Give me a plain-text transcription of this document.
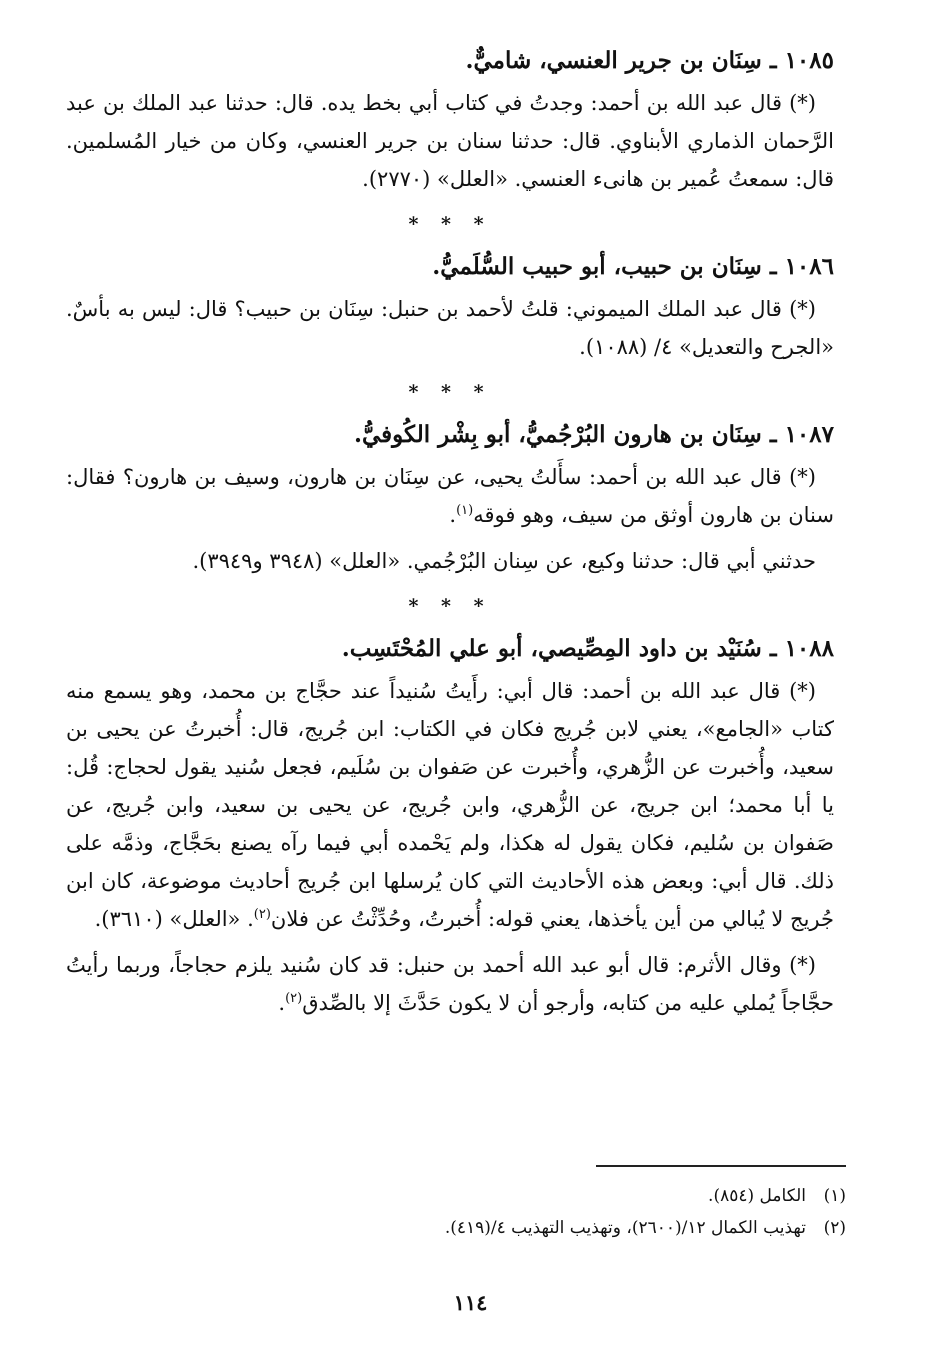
١٠٨٥ ـ سِنَان بن جرير العنسي، شاميٌّ.

(*) قال عبد الله بن أحمد: وجدتُ في كتاب أبي بخط يده. قال: حدثنا عبد الملك بن عبد الرَّحمان الذماري الأبناوي. قال: حدثنا سنان بن جرير العنسي، وكان من خيار المُسلمين. قال: سمعتُ عُمير بن هانىء العنسي. «العلل» (٢٧٧٠).

* * *
١٠٨٦ ـ سِنَان بن حبيب، أبو حبيب السُّلَميُّ.

(*) قال عبد الملك الميموني: قلتُ لأحمد بن حنبل: سِنَان بن حبيب؟ قال: ليس به بأسٌ. «الجرح والتعديل» ٤/ (١٠٨٨).

* * *
١٠٨٧ ـ سِنَان بن هارون البُرْجُميُّ، أبو بِشْر الكُوفيُّ.

(*) قال عبد الله بن أحمد: سأَلتُ يحيى، عن سِنَان بن هارون، وسيف بن هارون؟ فقال: سنان بن هارون أوثق من سيف، وهو فوقه$^{(١)}$.

حدثني أبي قال: حدثنا وكيع، عن سِنان البُرْجُمي. «العلل» (٣٩٤٨ و٣٩٤٩).

* * *
١٠٨٨ ـ سُنَيْد بن داود المِصِّيصي، أبو علي المُحْتَسِب.

(*) قال عبد الله بن أحمد: قال أبي: رأَيتُ سُنيداً عند حجَّاج بن محمد، وهو يسمع منه كتاب «الجامع»، يعني لابن جُريج فكان في الكتاب: ابن جُريج، قال: أُخبرتُ عن يحيى بن سعيد، وأُخبرت عن الزُّهري، وأُخبرت عن صَفوان بن سُلَيم، فجعل سُنيد يقول لحجاج: قُل: يا أبا محمد؛ ابن جريج، عن الزُّهري، وابن جُريج، عن يحيى بن سعيد، وابن جُريج، عن صَفوان بن سُليم، فكان يقول له هكذا، ولم يَحْمده أبي فيما رآه يصنع بحَجَّاج، وذمَّه على ذلك. قال أبي: وبعض هذه الأحاديث التي كان يُرسلها ابن جُريج أحاديث موضوعة، كان ابن جُريج لا يُبالي من أين يأخذها، يعني قوله: أُخبرتُ، وحُدِّثْتُ عن فلان$^{(٢)}$. «العلل» (٣٦١٠).

(*) وقال الأثرم: قال أبو عبد الله أحمد بن حنبل: قد كان سُنيد يلزم حجاجاً، وربما رأيتُ حجَّاجاً يُملي عليه من كتابه، وأرجو أن لا يكون حَدَّثَ إلا بالصِّدق$^{(٢)}$.

(١)
الكامل (٨٥٤).
(٢)
تهذيب الكمال ١٢/(٢٦٠٠)، وتهذيب التهذيب ٤/(٤١٩).
١١٤
